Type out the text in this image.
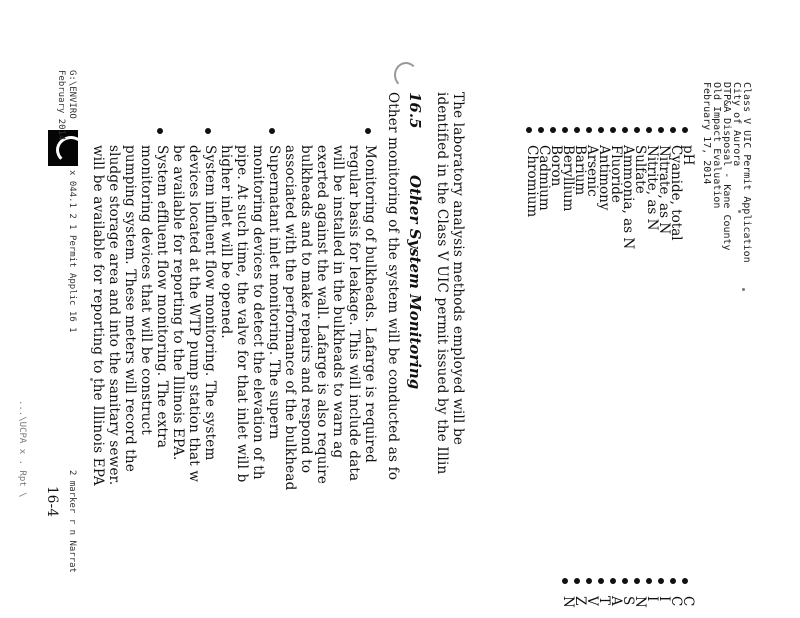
Class V UIC Permit Application
City of Aurora
DTP&A Disposal - Kane County
Old Impact Evaluation
February 17, 2014
pH
Cyanide, total
Nitrate, as N
Nitrite, as N
Sulfate
Ammonia, as N
Fluoride
Antimony
Arsenic
Barium
Beryllium
Boron
Cadmium
Chromium
C
C
I
I
N
S
A
T
V
Z
N
The laboratory analysis methods employed will be
identified in the Class V UIC permit issued by the Illin
16.5
Other System Monitoring
Other monitoring of the system will be conducted as fo
Monitoring of bulkheads. Lafarge is required
regular basis for leakage. This will include data
will be installed in the bulkheads to warn ag
exerted against the wall. Lafarge is also require
bulkheads and to make repairs and respond to
associated with the performance of the bulkhead
Supernatant inlet monitoring. The supern
monitoring devices to detect the elevation of th
pipe. At such time, the valve for that inlet will b
higher inlet will be opened.
System influent flow monitoring. The system
devices located at the WTP pump station that w
be available for reporting to the Illinois EPA.
System effluent flow monitoring. The extra
monitoring devices that will be construct
pumping system. These meters will record the
sludge storage area and into the sanitary sewer.
will be available for reporting to the Illinois EPA
G:\ENVIRO
February 2014
x 044.1 2 1 Permit Applic 16 1
2 marker r n Narrat
16-4
...\UCPA x . Rpt \
